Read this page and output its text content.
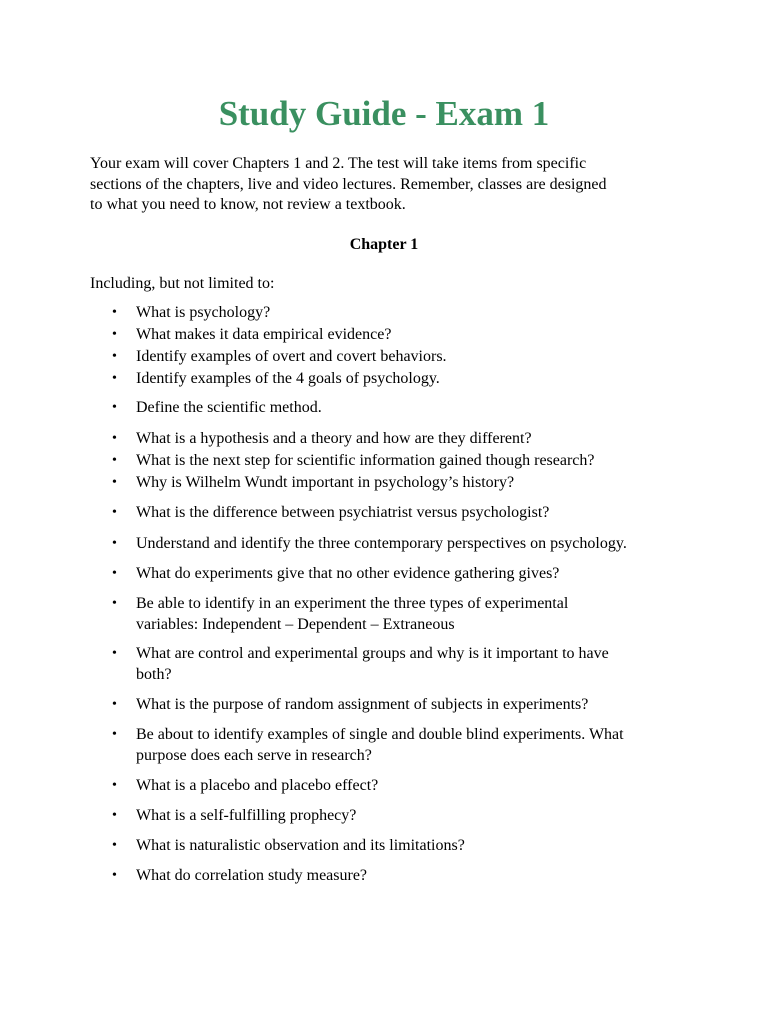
Study Guide - Exam 1

Your exam will cover Chapters 1 and 2. The test will take items from specific
sections of the chapters, live and video lectures. Remember, classes are designed
to what you need to know, not review a textbook.

Chapter 1

Including, but not limited to:

•	What is psychology?
•	What makes it data empirical evidence?
•	Identify examples of overt and covert behaviors.
•	Identify examples of the 4 goals of psychology.
•	Define the scientific method.
•	What is a hypothesis and a theory and how are they different?
•	What is the next step for scientific information gained though research?
•	Why is Wilhelm Wundt important in psychology’s history?
•	What is the difference between psychiatrist versus psychologist?
•	Understand and identify the three contemporary perspectives on psychology.
•	What do experiments give that no other evidence gathering gives?
•	Be able to identify in an experiment the three types of experimental
variables: Independent – Dependent – Extraneous
•	What are control and experimental groups and why is it important to have
both?
•	What is the purpose of random assignment of subjects in experiments?
•	Be about to identify examples of single and double blind experiments. What
purpose does each serve in research?
•	What is a placebo and placebo effect?
•	What is a self-fulfilling prophecy?
•	What is naturalistic observation and its limitations?
•	What do correlation study measure?
